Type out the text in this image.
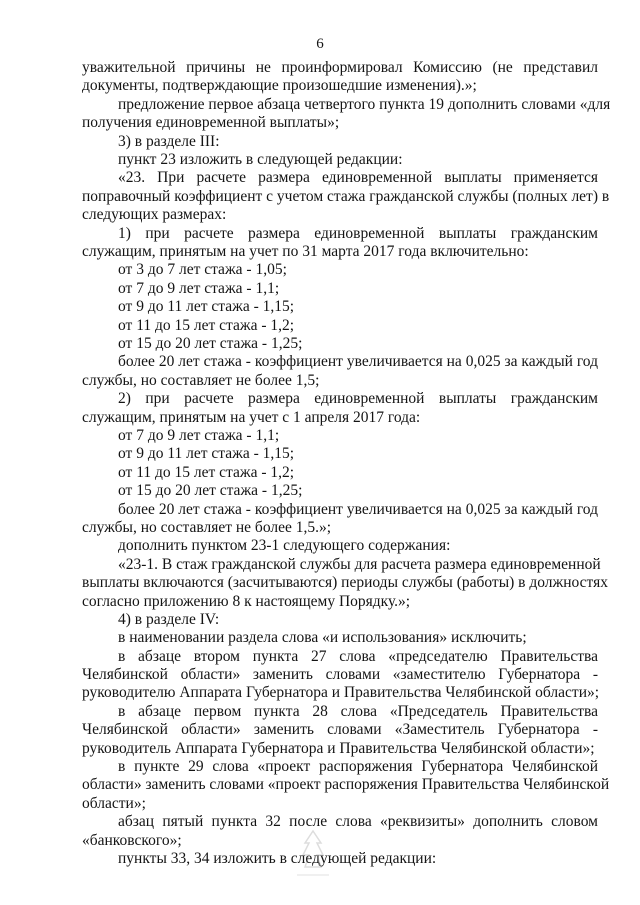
6
уважительной причины не проинформировал Комиссию (не представил
документы, подтверждающие произошедшие изменения).»;
предложение первое абзаца четвертого пункта 19 дополнить словами «для
получения единовременной выплаты»;
3) в разделе III:
пункт 23 изложить в следующей редакции:
«23. При расчете размера единовременной выплаты применяется
поправочный коэффициент с учетом стажа гражданской службы (полных лет) в
следующих размерах:
1) при расчете размера единовременной выплаты гражданским
служащим, принятым на учет по 31 марта 2017 года включительно:
от 3 до 7 лет стажа - 1,05;
от 7 до 9 лет стажа - 1,1;
от 9 до 11 лет стажа - 1,15;
от 11 до 15 лет стажа - 1,2;
от 15 до 20 лет стажа - 1,25;
более 20 лет стажа - коэффициент увеличивается на 0,025 за каждый год
службы, но составляет не более 1,5;
2) при расчете размера единовременной выплаты гражданским
служащим, принятым на учет с 1 апреля 2017 года:
от 7 до 9 лет стажа - 1,1;
от 9 до 11 лет стажа - 1,15;
от 11 до 15 лет стажа - 1,2;
от 15 до 20 лет стажа - 1,25;
более 20 лет стажа - коэффициент увеличивается на 0,025 за каждый год
службы, но составляет не более 1,5.»;
дополнить пунктом 23-1 следующего содержания:
«23-1. В стаж гражданской службы для расчета размера единовременной
выплаты включаются (засчитываются) периоды службы (работы) в должностях
согласно приложению 8 к настоящему Порядку.»;
4) в разделе IV:
в наименовании раздела слова «и использования» исключить;
в абзаце втором пункта 27 слова «председателю Правительства
Челябинской области» заменить словами «заместителю Губернатора -
руководителю Аппарата Губернатора и Правительства Челябинской области»;
в абзаце первом пункта 28 слова «Председатель Правительства
Челябинской области» заменить словами «Заместитель Губернатора -
руководитель Аппарата Губернатора и Правительства Челябинской области»;
в пункте 29 слова «проект распоряжения Губернатора Челябинской
области» заменить словами «проект распоряжения Правительства Челябинской
области»;
абзац пятый пункта 32 после слова «реквизиты» дополнить словом
«банковского»;
пункты 33, 34 изложить в следующей редакции:
